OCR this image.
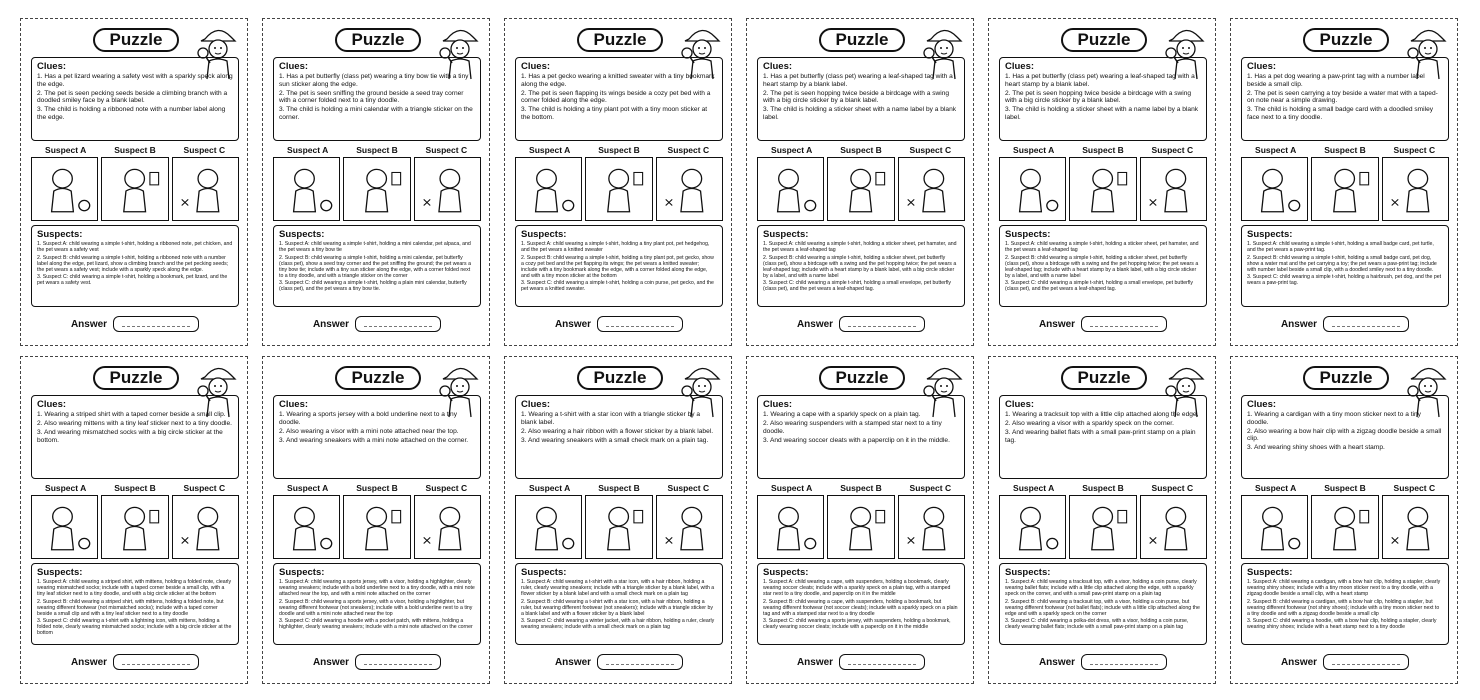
Puzzle
Clues:
1. Has a pet lizard wearing a safety vest with a sparkly speck along the edge.
2. The pet is seen pecking seeds beside a climbing branch with a doodled smiley face by a blank label.
3. The child is holding a ribboned note with a number label along the edge.
Suspect A	Suspect B	Suspect C
Suspects:
1. Suspect A: child wearing a simple t-shirt, holding a ribboned note, pet chicken, and the pet wears a safety vest
2. Suspect B: child wearing a simple t-shirt, holding a ribboned note with a number label along the edge, pet lizard, show a climbing branch and the pet pecking seeds; the pet wears a safety vest; include with a sparkly speck along the edge.
3. Suspect C: child wearing a simple t-shirt, holding a bookmark, pet lizard, and the pet wears a safety vest.
Answer
Puzzle
Clues:
1. Has a pet butterfly (class pet) wearing a tiny bow tie with a tiny sun sticker along the edge.
2. The pet is seen sniffing the ground beside a seed tray corner with a corner folded next to a tiny doodle.
3. The child is holding a mini calendar with a triangle sticker on the corner.
Suspect A	Suspect B	Suspect C
Suspects:
1. Suspect A: child wearing a simple t-shirt, holding a mini calendar, pet alpaca, and the pet wears a tiny bow tie
2. Suspect B: child wearing a simple t-shirt, holding a mini calendar, pet butterfly (class pet), show a seed tray corner and the pet sniffing the ground; the pet wears a tiny bow tie; include with a tiny sun sticker along the edge, with a corner folded next to a tiny doodle, and with a triangle sticker on the corner
3. Suspect C: child wearing a simple t-shirt, holding a plain mini calendar, butterfly (class pet), and the pet wears a tiny bow tie.
Answer
Puzzle
Clues:
1. Has a pet gecko wearing a knitted sweater with a tiny bookmark along the edge.
2. The pet is seen flapping its wings beside a cozy pet bed with a corner folded along the edge.
3. The child is holding a tiny plant pot with a tiny moon sticker at the bottom.
Suspect A	Suspect B	Suspect C
Suspects:
1. Suspect A: child wearing a simple t-shirt, holding a tiny plant pot, pet hedgehog, and the pet wears a knitted sweater
2. Suspect B: child wearing a simple t-shirt, holding a tiny plant pot, pet gecko, show a cozy pet bed and the pet flapping its wings; the pet wears a knitted sweater; include with a tiny bookmark along the edge, with a corner folded along the edge, and with a tiny moon sticker at the bottom
3. Suspect C: child wearing a simple t-shirt, holding a coin purse, pet gecko, and the pet wears a knitted sweater.
Answer
Puzzle
Clues:
1. Has a pet butterfly (class pet) wearing a leaf-shaped tag with a heart stamp by a blank label.
2. The pet is seen hopping twice beside a birdcage with a swing with a big circle sticker by a blank label.
3. The child is holding a sticker sheet with a name label by a blank label.
Suspect A	Suspect B	Suspect C
Suspects:
1. Suspect A: child wearing a simple t-shirt, holding a sticker sheet, pet hamster, and the pet wears a leaf-shaped tag
2. Suspect B: child wearing a simple t-shirt, holding a sticker sheet, pet butterfly (class pet), show a birdcage with a swing and the pet hopping twice; the pet wears a leaf-shaped tag; include with a heart stamp by a blank label, with a big circle sticker by a label, and with a name label
3. Suspect C: child wearing a simple t-shirt, holding a small envelope, pet butterfly (class pet), and the pet wears a leaf-shaped tag.
Answer
Puzzle
Clues:
1. Has a pet butterfly (class pet) wearing a leaf-shaped tag with a heart stamp by a blank label.
2. The pet is seen hopping twice beside a birdcage with a swing with a big circle sticker by a blank label.
3. The child is holding a sticker sheet with a name label by a blank label.
Suspect A	Suspect B	Suspect C
Suspects:
1. Suspect A: child wearing a simple t-shirt, holding a sticker sheet, pet hamster, and the pet wears a leaf-shaped tag
2. Suspect B: child wearing a simple t-shirt, holding a sticker sheet, pet butterfly (class pet), show a birdcage with a swing and the pet hopping twice; the pet wears a leaf-shaped tag; include with a heart stamp by a blank label, with a big circle sticker by a label, and with a name label
3. Suspect C: child wearing a simple t-shirt, holding a small envelope, pet butterfly (class pet), and the pet wears a leaf-shaped tag.
Answer
Puzzle
Clues:
1. Has a pet dog wearing a paw-print tag with a number label beside a small clip.
2. The pet is seen carrying a toy beside a water mat with a taped-on note near a simple drawing.
3. The child is holding a small badge card with a doodled smiley face next to a tiny doodle.
Suspect A	Suspect B	Suspect C
Suspects:
1. Suspect A: child wearing a simple t-shirt, holding a small badge card, pet turtle, and the pet wears a paw-print tag.
2. Suspect B: child wearing a simple t-shirt, holding a small badge card, pet dog, show a water mat and the pet carrying a toy; the pet wears a paw-print tag; include with number label beside a small clip, with a doodled smiley next to a tiny doodle.
3. Suspect C: child wearing a simple t-shirt, holding a hairbrush, pet dog, and the pet wears a paw-print tag.
Answer
Puzzle
Clues:
1. Wearing a striped shirt with a taped corner beside a small clip.
2. Also wearing mittens with a tiny leaf sticker next to a tiny doodle.
3. And wearing mismatched socks with a big circle sticker at the bottom.
Suspect A	Suspect B	Suspect C
Suspects:
1. Suspect A: child wearing a striped shirt, with mittens, holding a folded note, clearly wearing mismatched socks; include with a taped corner beside a small clip, with a tiny leaf sticker next to a tiny doodle, and with a big circle sticker at the bottom
2. Suspect B: child wearing a striped shirt, with mittens, holding a folded note, but wearing different footwear (not mismatched socks); include with a taped corner beside a small clip and with a tiny leaf sticker next to a tiny doodle
3. Suspect C: child wearing a t-shirt with a lightning icon, with mittens, holding a folded note, clearly wearing mismatched socks; include with a big circle sticker at the bottom
Answer
Puzzle
Clues:
1. Wearing a sports jersey with a bold underline next to a tiny doodle.
2. Also wearing a visor with a mini note attached near the top.
3. And wearing sneakers with a mini note attached on the corner.
Suspect A	Suspect B	Suspect C
Suspects:
1. Suspect A: child wearing a sports jersey, with a visor, holding a highlighter, clearly wearing sneakers; include with a bold underline next to a tiny doodle, with a mini note attached near the top, and with a mini note attached on the corner
2. Suspect B: child wearing a sports jersey, with a visor, holding a highlighter, but wearing different footwear (not sneakers); include with a bold underline next to a tiny doodle and with a mini note attached near the top
3. Suspect C: child wearing a hoodie with a pocket patch, with mittens, holding a highlighter, clearly wearing sneakers; include with a mini note attached on the corner
Answer
Puzzle
Clues:
1. Wearing a t-shirt with a star icon with a triangle sticker by a blank label.
2. Also wearing a hair ribbon with a flower sticker by a blank label.
3. And wearing sneakers with a small check mark on a plain tag.
Suspect A	Suspect B	Suspect C
Suspects:
1. Suspect A: child wearing a t-shirt with a star icon, with a hair ribbon, holding a ruler, clearly wearing sneakers; include with a triangle sticker by a blank label, with a flower sticker by a blank label and with a small check mark on a plain tag
2. Suspect B: child wearing a t-shirt with a star icon, with a hair ribbon, holding a ruler, but wearing different footwear (not sneakers); include with a triangle sticker by a blank label and with a flower sticker by a blank label
3. Suspect C: child wearing a winter jacket, with a hair ribbon, holding a ruler, clearly wearing sneakers; include with a small check mark on a plain tag
Answer
Puzzle
Clues:
1. Wearing a cape with a sparkly speck on a plain tag.
2. Also wearing suspenders with a stamped star next to a tiny doodle.
3. And wearing soccer cleats with a paperclip on it in the middle.
Suspect A	Suspect B	Suspect C
Suspects:
1. Suspect A: child wearing a cape, with suspenders, holding a bookmark, clearly wearing soccer cleats; include with a sparkly speck on a plain tag, with a stamped star next to a tiny doodle, and paperclip on it in the middle
2. Suspect B: child wearing a cape, with suspenders, holding a bookmark, but wearing different footwear (not soccer cleats); include with a sparkly speck on a plain tag and with a stamped star next to a tiny doodle
3. Suspect C: child wearing a sports jersey, with suspenders, holding a bookmark, clearly wearing soccer cleats; include with a paperclip on it in the middle
Answer
Puzzle
Clues:
1. Wearing a tracksuit top with a little clip attached along the edge.
2. Also wearing a visor with a sparkly speck on the corner.
3. And wearing ballet flats with a small paw-print stamp on a plain tag.
Suspect A	Suspect B	Suspect C
Suspects:
1. Suspect A: child wearing a tracksuit top, with a visor, holding a coin purse, clearly wearing ballet flats; include with a little clip attached along the edge, with a sparkly speck on the corner, and with a small paw-print stamp on a plain tag
2. Suspect B: child wearing a tracksuit top, with a visor, holding a coin purse, but wearing different footwear (not ballet flats); include with a little clip attached along the edge and with a sparkly speck on the corner
3. Suspect C: child wearing a polka-dot dress, with a visor, holding a coin purse, clearly wearing ballet flats; include with a small paw-print stamp on a plain tag
Answer
Puzzle
Clues:
1. Wearing a cardigan with a tiny moon sticker next to a tiny doodle.
2. Also wearing a bow hair clip with a zigzag doodle beside a small clip.
3. And wearing shiny shoes with a heart stamp.
Suspect A	Suspect B	Suspect C
Suspects:
1. Suspect A: child wearing a cardigan, with a bow hair clip, holding a stapler, clearly wearing shiny shoes; include with a tiny moon sticker next to a tiny doodle, with a zigzag doodle beside a small clip, with a heart stamp
2. Suspect B: child wearing a cardigan, with a bow hair clip, holding a stapler, but wearing different footwear (not shiny shoes); include with a tiny moon sticker next to a tiny doodle and with a zigzag doodle beside a small clip
3. Suspect C: child wearing a hoodie, with a bow hair clip, holding a stapler, clearly wearing shiny shoes; include with a heart stamp next to a tiny doodle
Answer
